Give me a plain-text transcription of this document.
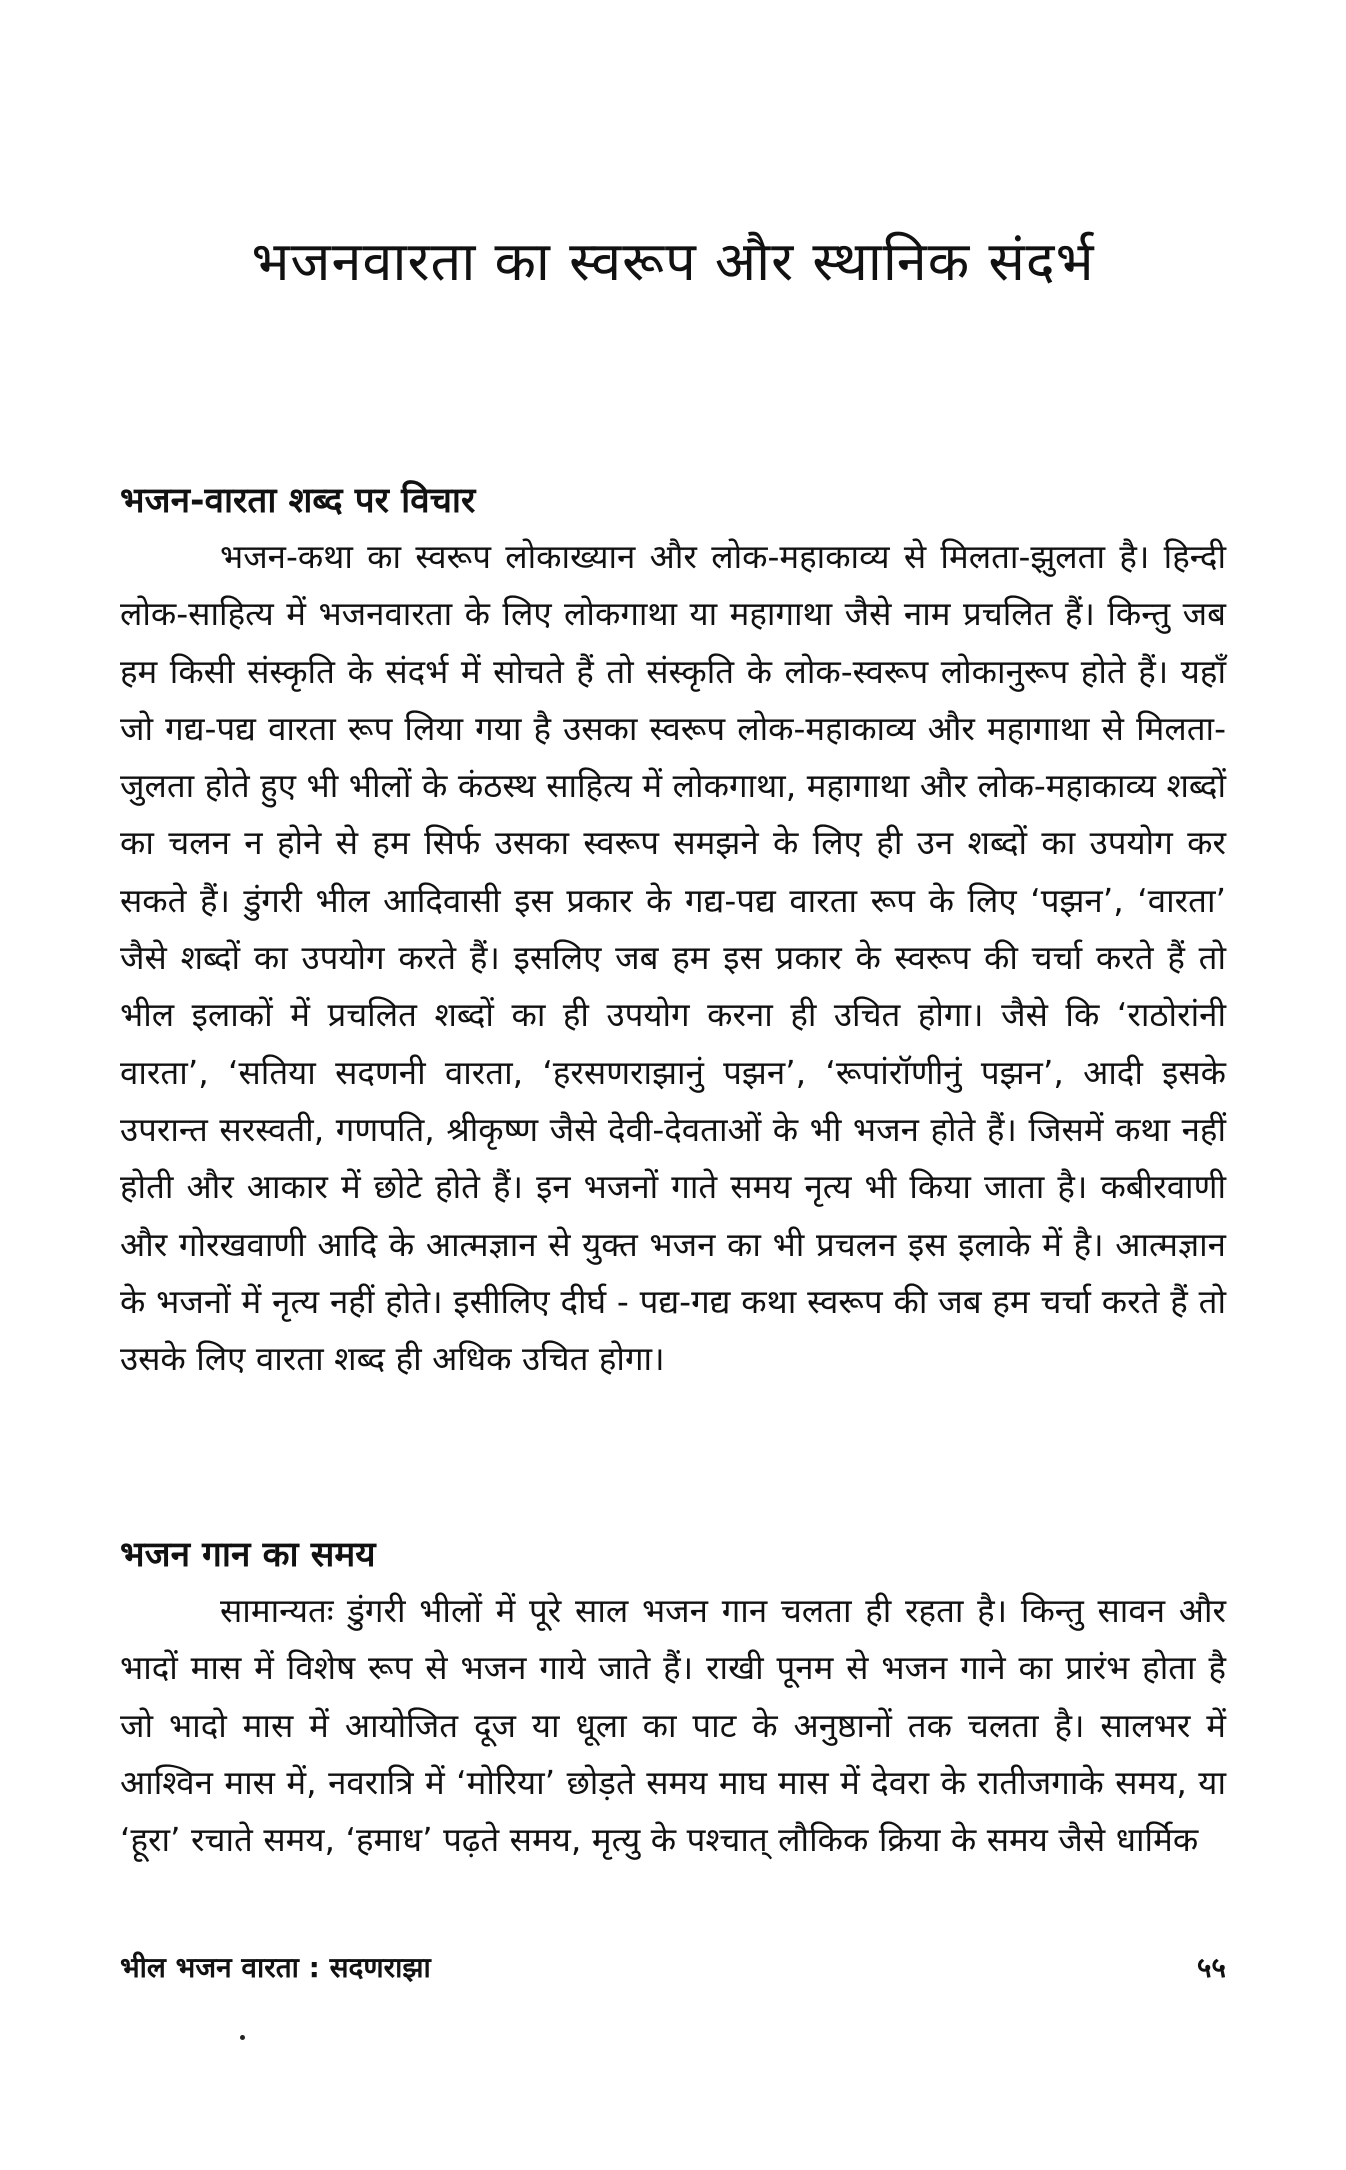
भजनवारता का स्वरूप और स्थानिक संदर्भ
भजन-वारता शब्द पर विचार

भजन-कथा का स्वरूप लोकाख्यान और लोक-महाकाव्य से मिलता-झुलता है। हिन्दी लोक-साहित्य में भजनवारता के लिए लोकगाथा या महागाथा जैसे नाम प्रचलित हैं। किन्तु जब हम किसी संस्कृति के संदर्भ में सोचते हैं तो संस्कृति के लोक-स्वरूप लोकानुरूप होते हैं। यहाँ जो गद्य-पद्य वारता रूप लिया गया है उसका स्वरूप लोक-महाकाव्य और महागाथा से मिलता-जुलता होते हुए भी भीलों के कंठस्थ साहित्य में लोकगाथा, महागाथा और लोक-महाकाव्य शब्दों का चलन न होने से हम सिर्फ उसका स्वरूप समझने के लिए ही उन शब्दों का उपयोग कर सकते हैं। डुंगरी भील आदिवासी इस प्रकार के गद्य-पद्य वारता रूप के लिए ‘पझन’, ‘वारता’ जैसे शब्दों का उपयोग करते हैं। इसलिए जब हम इस प्रकार के स्वरूप की चर्चा करते हैं तो भील इलाकों में प्रचलित शब्दों का ही उपयोग करना ही उचित होगा। जैसे कि ‘राठोरांनी वारता’, ‘सतिया सदणनी वारता, ‘हरसणराझानुं पझन’, ‘रूपांरॉणीनुं पझन’, आदी इसके उपरान्त सरस्वती, गणपति, श्रीकृष्ण जैसे देवी-देवताओं के भी भजन होते हैं। जिसमें कथा नहीं होती और आकार में छोटे होते हैं। इन भजनों गाते समय नृत्य भी किया जाता है। कबीरवाणी और गोरखवाणी आदि के आत्मज्ञान से युक्त भजन का भी प्रचलन इस इलाके में है। आत्मज्ञान के भजनों में नृत्य नहीं होते। इसीलिए दीर्घ - पद्य-गद्य कथा स्वरूप की जब हम चर्चा करते हैं तो उसके लिए वारता शब्द ही अधिक उचित होगा।

भजन गान का समय

सामान्यतः डुंगरी भीलों में पूरे साल भजन गान चलता ही रहता है। किन्तु सावन और भादों मास में विशेष रूप से भजन गाये जाते हैं। राखी पूनम से भजन गाने का प्रारंभ होता है जो भादो मास में आयोजित दूज या धूला का पाट के अनुष्ठानों तक चलता है। सालभर में आश्विन मास में, नवरात्रि में ‘मोरिया’ छोड़ते समय माघ मास में देवरा के रातीजगाके समय, या ‘हूरा’ रचाते समय, ‘हमाध’ पढ़ते समय, मृत्यु के पश्चात् लौकिक क्रिया के समय जैसे धार्मिक

भील भजन वारता : सदणराझा	५५
